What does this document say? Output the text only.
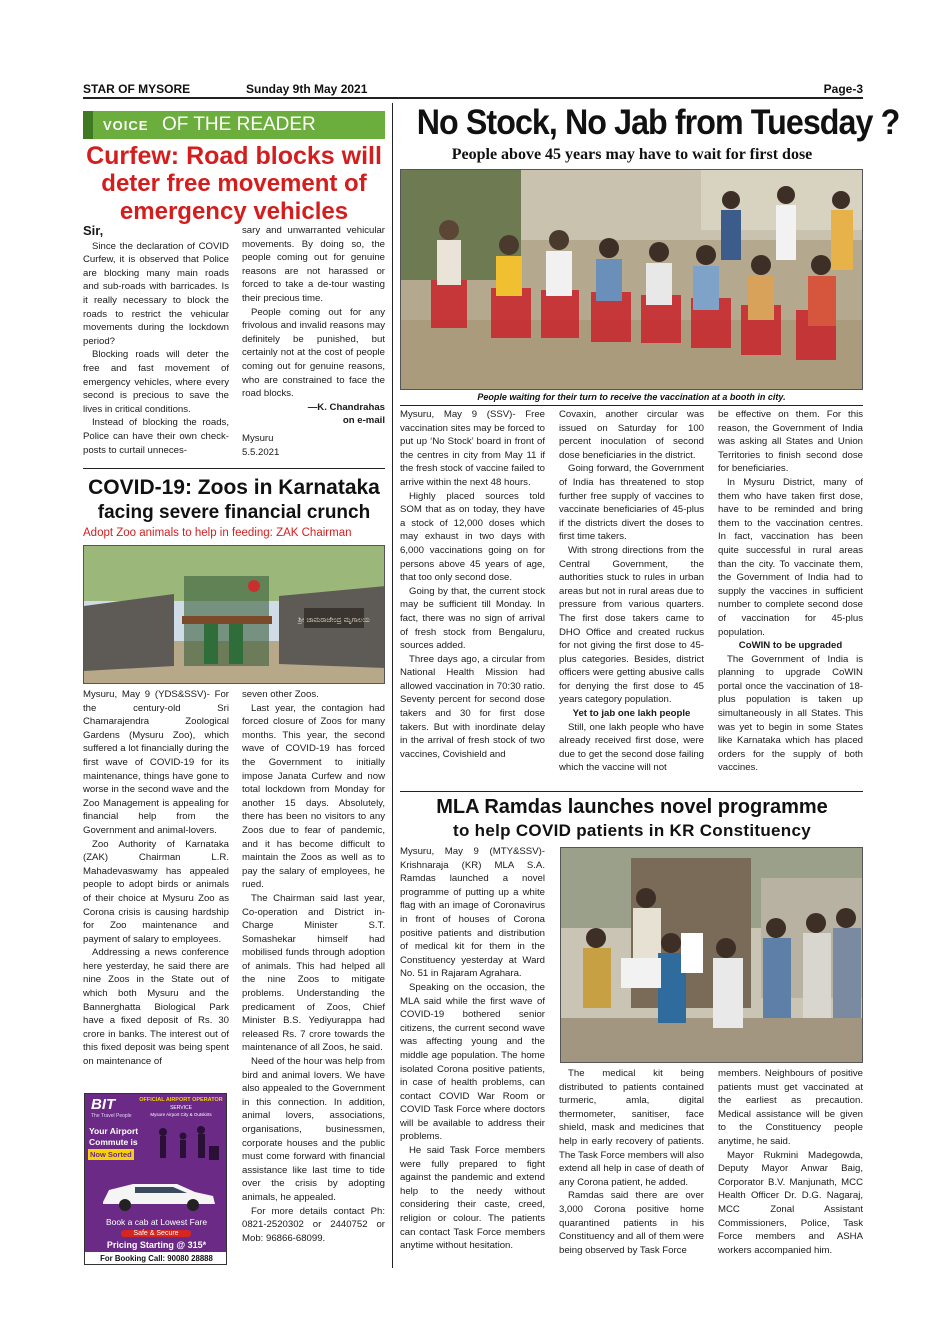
STAR OF MYSORE	Sunday 9th May 2021	Page-3
VOICE OF THE READER
Curfew: Road blocks will
deter free movement of
emergency vehicles

Sir,

Since the declaration of COVID Curfew, it is observed that Police are blocking many main roads and sub-roads with barricades. Is it really necessary to block the roads to restrict the vehicular movements during the lockdown period?

Blocking roads will deter the free and fast movement of emergency vehicles, where every second is precious to save the lives in critical conditions.

Instead of blocking the roads, Police can have their own check-posts to curtail unneces-

sary and unwarranted vehicular movements. By doing so, the people coming out for genuine reasons are not harassed or forced to take a de-tour wasting their precious time.

People coming out for any frivolous and invalid reasons may definitely be punished, but certainly not at the cost of people coming out for genuine reasons, who are constrained to face the road blocks.

—K. Chandrahas

on e-mail

Mysuru

5.5.2021

No Stock, No Jab from Tuesday ?
People above 45 years may have to wait for first dose
People waiting for their turn to receive the vaccination at a booth in city.

Mysuru, May 9 (SSV)- Free vaccination sites may be forced to put up ‘No Stock’ board in front of the centres in city from May 11 if the fresh stock of vaccine failed to arrive within the next 48 hours.

Highly placed sources told SOM that as on today, they have a stock of 12,000 doses which may exhaust in two days with 6,000 vaccinations going on for persons above 45 years of age, that too only second dose.

Going by that, the current stock may be sufficient till Monday. In fact, there was no sign of arrival of fresh stock from Bengaluru, sources added.

Three days ago, a circular from National Health Mission had allowed vaccination in 70:30 ratio. Seventy percent for second dose takers and 30 for first dose takers. But with inordinate delay in the arrival of fresh stock of two vaccines, Covishield and

Covaxin, another circular was issued on Saturday for 100 percent inoculation of second dose beneficiaries in the district.

Going forward, the Government of India has threatened to stop further free supply of vaccines to vaccinate beneficiaries of 45-plus if the districts divert the doses to first time takers.

With strong directions from the Central Government, the authorities stuck to rules in urban areas but not in rural areas due to pressure from various quarters. The first dose takers came to DHO Office and created ruckus for not giving the first dose to 45-plus categories. Besides, district officers were getting abusive calls for denying the first dose to 45 years category population.

Yet to jab one lakh people

Still, one lakh people who have already received first dose, were due to get the second dose failing which the vaccine will not

be effective on them. For this reason, the Government of India was asking all States and Union Territories to finish second dose for beneficiaries.

In Mysuru District, many of them who have taken first dose, have to be reminded and bring them to the vaccination centres. In fact, vaccination has been quite successful in rural areas than the city. To vaccinate them, the Government of India had to supply the vaccines in sufficient number to complete second dose of vaccination for 45-plus population.

CoWIN to be upgraded

The Government of India is planning to upgrade CoWIN portal once the vaccination of 18-plus population is taken up simultaneously in all States. This was yet to begin in some States like Karnataka which has placed orders for the supply of both vaccines.

COVID-19: Zoos in Karnataka
facing severe financial crunch
Adopt Zoo animals to help in feeding: ZAK Chairman
ಶ್ರೀ ಚಾಮರಾಜೇಂದ್ರ ಮೃಗಾಲಯ

Mysuru, May 9 (YDS&SSV)- For the century-old Sri Chamarajendra Zoological Gardens (Mysuru Zoo), which suffered a lot financially during the first wave of COVID-19 for its maintenance, things have gone to worse in the second wave and the Zoo Management is appealing for financial help from the Government and animal-lovers.

Zoo Authority of Karnataka (ZAK) Chairman L.R. Mahadevaswamy has appealed people to adopt birds or animals of their choice at Mysuru Zoo as Corona crisis is causing hardship for Zoo maintenance and payment of salary to employees.

Addressing a news conference here yesterday, he said there are nine Zoos in the State out of which both Mysuru and the Bannerghatta Biological Park have a fixed deposit of Rs. 30 crore in banks. The interest out of this fixed deposit was being spent on maintenance of

seven other Zoos.

Last year, the contagion had forced closure of Zoos for many months. This year, the second wave of COVID-19 has forced the Government to initially impose Janata Curfew and now total lockdown from Monday for another 15 days. Absolutely, there has been no visitors to any Zoos due to fear of pandemic, and it has become difficult to maintain the Zoos as well as to pay the salary of employees, he rued.

The Chairman said last year, Co-operation and District in-Charge Minister S.T. Somashekar himself had mobilised funds through adoption of animals. This had helped all the nine Zoos to mitigate problems. Understanding the predicament of Zoos, Chief Minister B.S. Yediyurappa had released Rs. 7 crore towards the maintenance of all Zoos, he said.

Need of the hour was help from bird and animal lovers. We have also appealed to the Government in this connection. In addition, animal lovers, associations, organisations, businessmen, corporate houses and the public must come forward with financial assistance like last time to tide over the crisis by adopting animals, he appealed.

For more details contact Ph: 0821-2520302 or 2440752 or Mob: 96866-68099.

BIT
The Travel People
OFFICIAL AIRPORT OPERATOR
SERVICE
Mysore Airport City & Outskirts
Your Airport
Commute is
Now Sorted
Book a cab at Lowest Fare
Safe & Secure
Pricing Starting @ 315*
For Booking Call: 90080 28888
MLA Ramdas launches novel programme
to help COVID patients in KR Constituency

Mysuru, May 9 (MTY&SSV)- Krishnaraja (KR) MLA S.A. Ramdas launched a novel programme of putting up a white flag with an image of Coronavirus in front of houses of Corona positive patients and distribution of medical kit for them in the Constituency yesterday at Ward No. 51 in Rajaram Agrahara.

Speaking on the occasion, the MLA said while the first wave of COVID-19 bothered senior citizens, the current second wave was affecting young and the middle age population. The home isolated Corona positive patients, in case of health problems, can contact COVID War Room or COVID Task Force where doctors will be available to address their problems.

He said Task Force members were fully prepared to fight against the pandemic and extend help to the needy without considering their caste, creed, religion or colour. The patients can contact Task Force members anytime without hesitation.

The medical kit being distributed to patients contained turmeric, amla, digital thermometer, sanitiser, face shield, mask and medicines that help in early recovery of patients. The Task Force members will also extend all help in case of death of any Corona patient, he added.

Ramdas said there are over 3,000 Corona positive home quarantined patients in his Constituency and all of them were being observed by Task Force

members. Neighbours of positive patients must get vaccinated at the earliest as precaution. Medical assistance will be given to the Constituency people anytime, he said.

Mayor Rukmini Madegowda, Deputy Mayor Anwar Baig, Corporator B.V. Manjunath, MCC Health Officer Dr. D.G. Nagaraj, MCC Zonal Assistant Commissioners, Police, Task Force members and ASHA workers accompanied him.
